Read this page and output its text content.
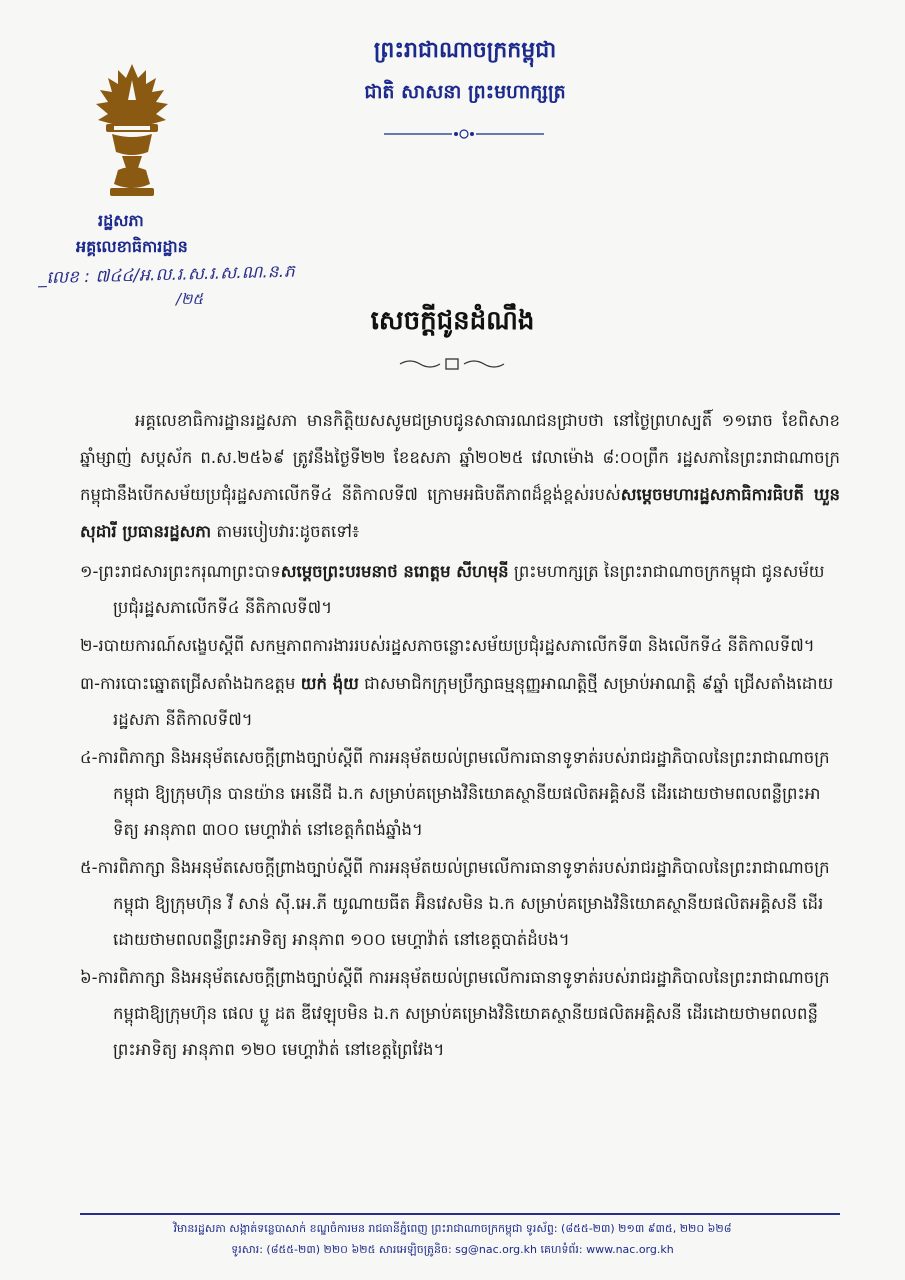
រដ្ឋសភា
អគ្គលេខាធិការដ្ឋាន
_លេខ : ៧៤៤/អ.ល.រ.ស.រ.ស.ណ.ន.ភ
/២៥
ព្រះរាជាណាចក្រកម្ពុជា
ជាតិ សាសនា ព្រះមហាក្សត្រ
សេចក្តីជូនដំណឹង

អគ្គលេខាធិការដ្ឋានរដ្ឋសភា មានកិត្តិយសសូមជម្រាបជូនសាធារណជនជ្រាបថា នៅថ្ងៃព្រហស្បតិ៍ ១១រោច ខែពិសាខ ឆ្នាំម្សាញ់ សប្តស័ក ព.ស.២៥៦៩ ត្រូវនឹងថ្ងៃទី២២ ខែឧសភា ឆ្នាំ២០២៥ វេលាម៉ោង ៨:០០ព្រឹក រដ្ឋសភានៃព្រះរាជាណាចក្រកម្ពុជានឹងបើកសម័យប្រជុំរដ្ឋសភាលើកទី៤ នីតិកាលទី៧ ក្រោមអធិបតីភាពដ៏ខ្ពង់ខ្ពស់របស់សម្តេចមហារដ្ឋសភាធិការធិបតី ឃួន សុដារី ប្រធានរដ្ឋសភា តាមរបៀបវារៈដូចតទៅ៖

១-ព្រះរាជសារព្រះករុណាព្រះបាទសម្តេចព្រះបរមនាថ នរោត្តម សីហមុនី ព្រះមហាក្សត្រ នៃព្រះរាជាណាចក្រកម្ពុជា ជូនសម័យប្រជុំរដ្ឋសភាលើកទី៤ នីតិកាលទី៧។

២-របាយការណ៍សង្ខេបស្តីពី សកម្មភាពការងាររបស់រដ្ឋសភាចន្លោះសម័យប្រជុំរដ្ឋសភាលើកទី៣ និងលើកទី៤ នីតិកាលទី៧។

៣-ការបោះឆ្នោតជ្រើសតាំងឯកឧត្តម យក់ ង៉ុយ ជាសមាជិកក្រុមប្រឹក្សាធម្មនុញ្ញអាណត្តិថ្មី សម្រាប់អាណត្តិ ៩ឆ្នាំ ជ្រើសតាំងដោយរដ្ឋសភា នីតិកាលទី៧។

៤-ការពិភាក្សា និងអនុម័តសេចក្តីព្រាងច្បាប់ស្តីពី ការអនុម័តយល់ព្រមលើការធានាទូទាត់របស់រាជរដ្ឋាភិបាលនៃព្រះរាជាណាចក្រកម្ពុជា ឱ្យក្រុមហ៊ុន បានយ៉ាន អេនើជី ឯ.ក សម្រាប់គម្រោងវិនិយោគស្ថានីយផលិតអគ្គិសនី ដើរដោយថាមពលពន្លឺព្រះអាទិត្យ អានុភាព ៣០០ មេហ្គាវ៉ាត់ នៅខេត្តកំពង់ឆ្នាំង។

៥-ការពិភាក្សា និងអនុម័តសេចក្តីព្រាងច្បាប់ស្តីពី ការអនុម័តយល់ព្រមលើការធានាទូទាត់របស់រាជរដ្ឋាភិបាលនៃព្រះរាជាណាចក្រកម្ពុជា ឱ្យក្រុមហ៊ុន វី សាន់ ស៊ី.អេ.ភី យូណាយធីត អ៊ិនវេសមិន ឯ.ក សម្រាប់គម្រោងវិនិយោគស្ថានីយផលិតអគ្គិសនី ដើរដោយថាមពលពន្លឺព្រះអាទិត្យ អានុភាព ១០០ មេហ្គាវ៉ាត់ នៅខេត្តបាត់ដំបង។

៦-ការពិភាក្សា និងអនុម័តសេចក្តីព្រាងច្បាប់ស្តីពី ការអនុម័តយល់ព្រមលើការធានាទូទាត់របស់រាជរដ្ឋាភិបាលនៃព្រះរាជាណាចក្រកម្ពុជាឱ្យក្រុមហ៊ុន ផេល ប្លូ ដត ឌីវេឡុបមិន ឯ.ក សម្រាប់គម្រោងវិនិយោគស្ថានីយផលិតអគ្គិសនី ដើរដោយថាមពលពន្លឺព្រះអាទិត្យ អានុភាព ១២០ មេហ្គាវ៉ាត់ នៅខេត្តព្រៃវែង។

វិមានរដ្ឋសភា សង្កាត់ទន្លេបាសាក់ ខណ្ឌចំការមន រាជធានីភ្នំពេញ ព្រះរាជាណាចក្រកម្ពុជា ទូរស័ព្ទ: (៨៥៥-២៣) ២១៣ ៩៣៥, ២២០ ៦២៨
ទូរសារ: (៨៥៥-២៣) ២២០ ៦២៥ សារអេឡិចត្រូនិច: sg@nac.org.kh គេហទំព័រ: www.nac.org.kh
